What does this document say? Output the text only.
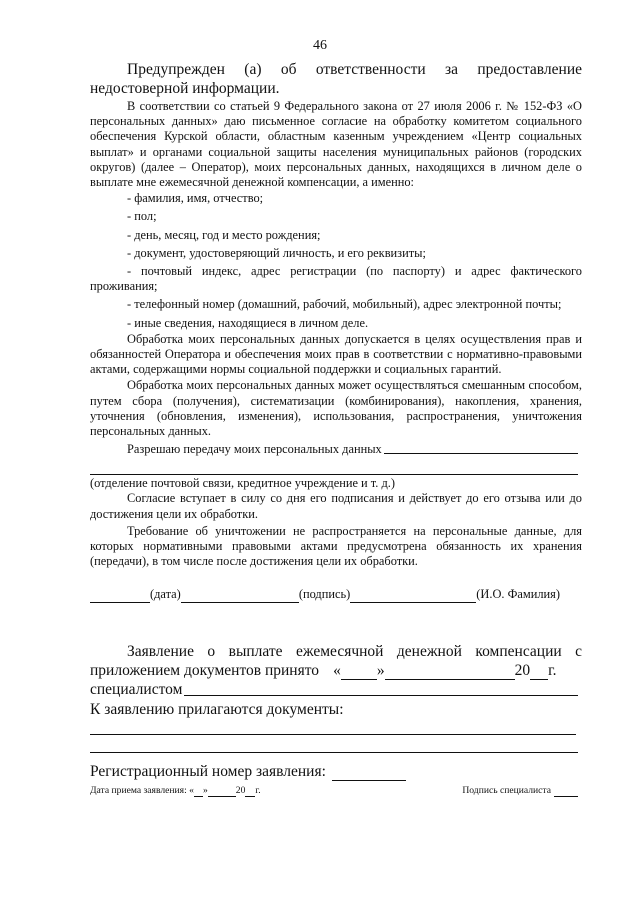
46

Предупрежден (а) об ответственности за предоставление

недостоверной информации.

В соответствии со статьей 9 Федерального закона от 27 июля 2006 г. № 152-ФЗ «О персональных данных» даю письменное согласие на обработку комитетом социального обеспечения Курской области, областным казенным учреждением «Центр социальных выплат» и органами социальной защиты населения муниципальных районов (городских округов) (далее – Оператор), моих персональных данных, находящихся в личном деле о выплате мне ежемесячной денежной компенсации, а именно:

- фамилия, имя, отчество;

- пол;

- день, месяц, год и место рождения;

- документ, удостоверяющий личность, и его реквизиты;

- почтовый индекс, адрес регистрации (по паспорту) и адрес фактического проживания;

- телефонный номер (домашний, рабочий, мобильный), адрес электронной почты;

- иные сведения, находящиеся в личном деле.

Обработка моих персональных данных допускается в целях осуществления прав и обязанностей Оператора и обеспечения моих прав в соответствии с нормативно-правовыми актами, содержащими нормы социальной поддержки и социальных гарантий.

Обработка моих персональных данных может осуществляться смешанным способом, путем сбора (получения), систематизации (комбинирования), накопления, хранения, уточнения (обновления, изменения), использования, распространения, уничтожения персональных данных.

Разрешаю передачу моих персональных данных

(отделение почтовой связи, кредитное учреждение и т. д.)

Согласие вступает в силу со дня его подписания и действует до его отзыва или до достижения цели их обработки.

Требование об уничтожении не распространяется на персональные данные, для которых нормативными правовыми актами предусмотрена обязанность их хранения (передачи), в том числе после достижения цели их обработки.

(дата)	(подпись)	(И.О. Фамилия)

Заявление о выплате ежемесячной денежной компенсации с

приложением документов принято « »	20 г.
специалистом

К заявлению прилагаются документы:

Регистрационный номер заявления:
Дата приема заявления: « »	20 г.	Подпись специалиста
